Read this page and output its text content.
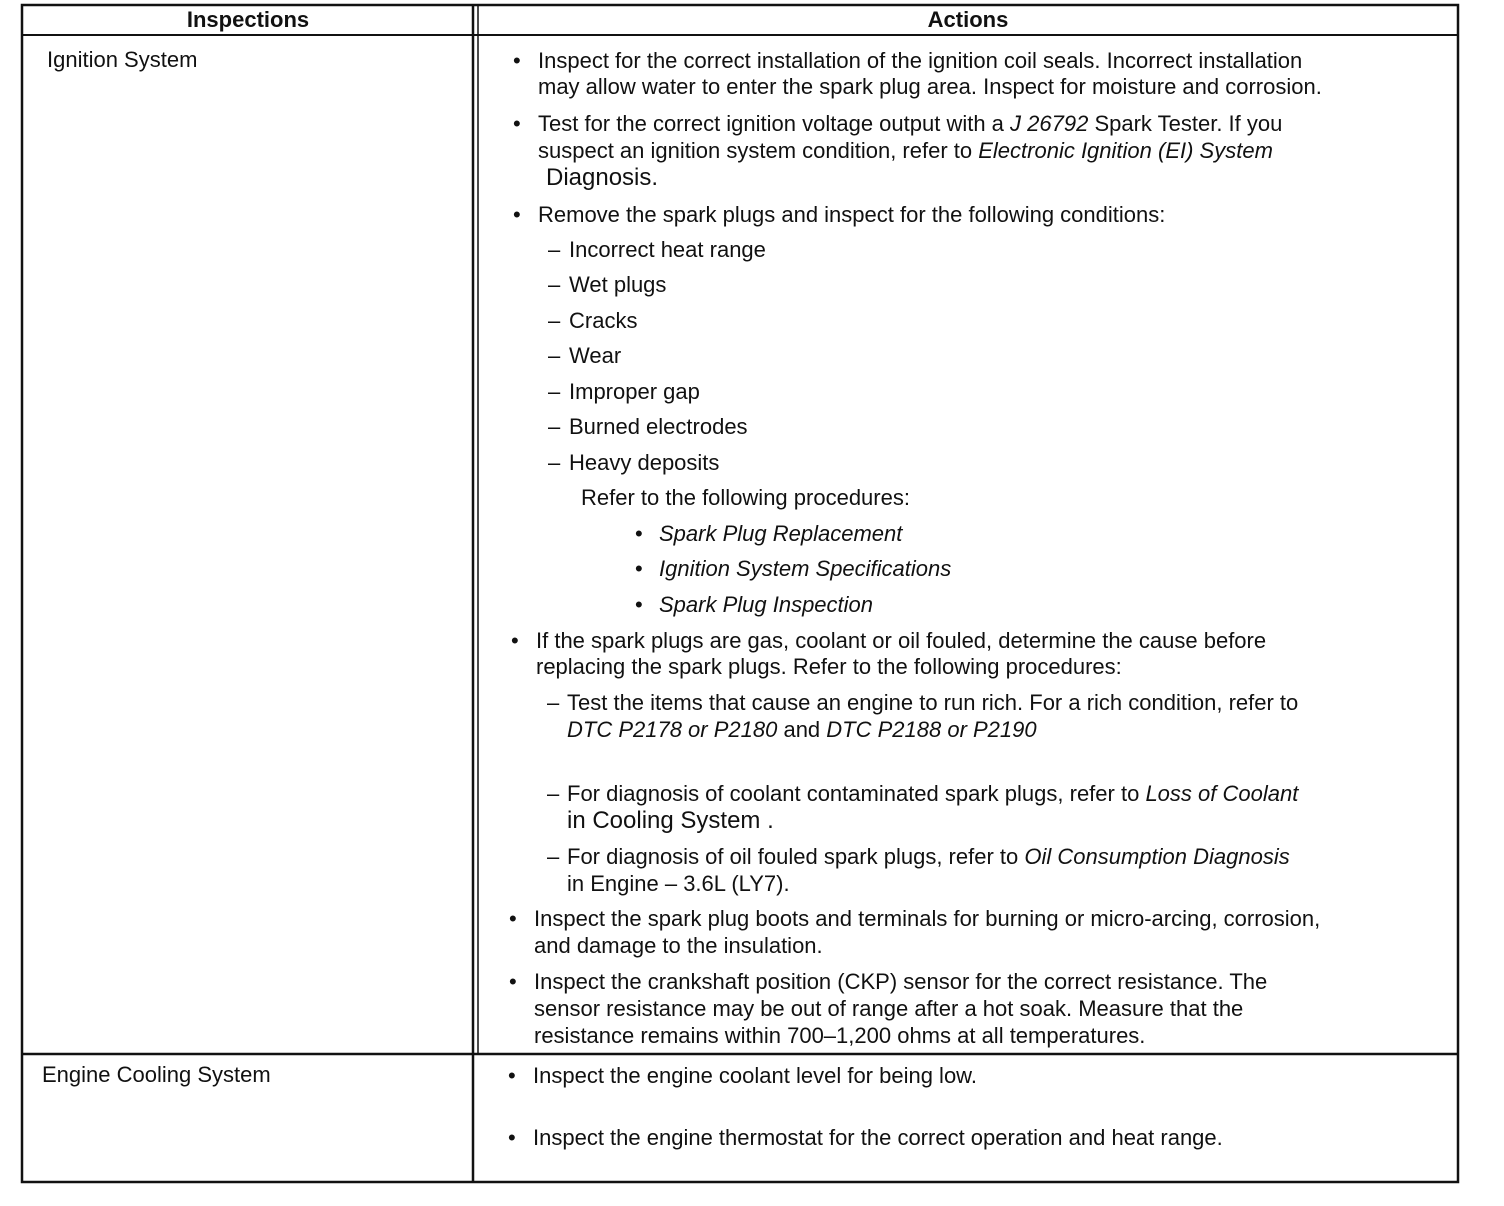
Inspections	Actions
Ignition System	• Inspect for the correct installation of the ignition coil seals. Incorrect installation
may allow water to enter the spark plug area. Inspect for moisture and corrosion.
• Test for the correct ignition voltage output with a J 26792 Spark Tester. If you
suspect an ignition system condition, refer to Electronic Ignition (EI) System
Diagnosis.
• Remove the spark plugs and inspect for the following conditions:
– Incorrect heat range
– Wet plugs
– Cracks
– Wear
– Improper gap
– Burned electrodes
– Heavy deposits
Refer to the following procedures:
• Spark Plug Replacement
• Ignition System Specifications
• Spark Plug Inspection
• If the spark plugs are gas, coolant or oil fouled, determine the cause before
replacing the spark plugs. Refer to the following procedures:
– Test the items that cause an engine to run rich. For a rich condition, refer to
DTC P2178 or P2180 and DTC P2188 or P2190
– For diagnosis of coolant contaminated spark plugs, refer to Loss of Coolant
in Cooling System .
– For diagnosis of oil fouled spark plugs, refer to Oil Consumption Diagnosis
in Engine – 3.6L (LY7).
• Inspect the spark plug boots and terminals for burning or micro-arcing, corrosion,
and damage to the insulation.
• Inspect the crankshaft position (CKP) sensor for the correct resistance. The
sensor resistance may be out of range after a hot soak. Measure that the
resistance remains within 700–1,200 ohms at all temperatures.
Engine Cooling System	• Inspect the engine coolant level for being low.
• Inspect the engine thermostat for the correct operation and heat range.
